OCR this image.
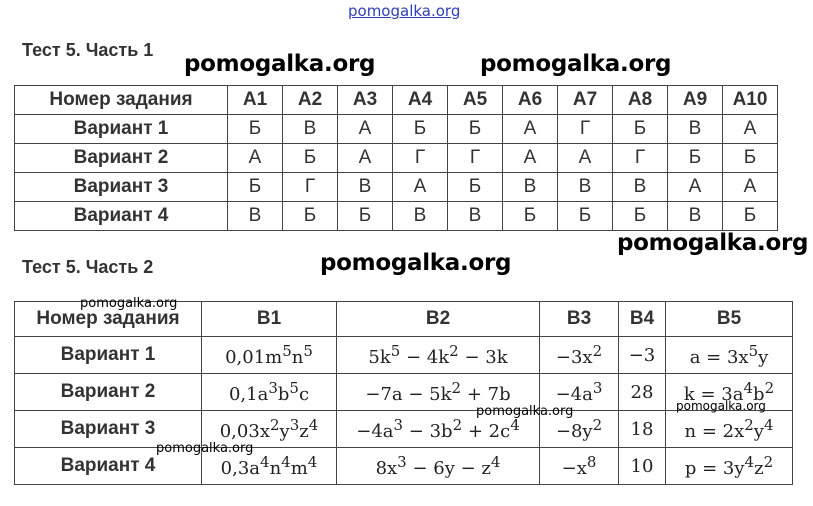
pomogalka.org
Тест 5. Часть 1
pomogalka.org	pomogalka.org
Номер задания	A1	A2	A3	A4	A5	A6	A7	A8	A9	A10
Вариант 1	Б	В	А	Б	Б	А	Г	Б	В	А
Вариант 2	А	Б	А	Г	Г	А	А	Г	Б	Б
Вариант 3	Б	Г	В	А	Б	В	В	В	А	А
Вариант 4	В	Б	Б	В	В	Б	Б	Б	В	Б
pomogalka.org
Тест 5. Часть 2	pomogalka.org
Номер задания	B1	B2	B3	B4	B5
Вариант 1	$0,01m^5n^5$	$5k^5 - 4k^2 - 3k$	$-3x^2$	−3	$a = 3x^5y$
Вариант 2	$0,1a^3b^5c$	$-7a - 5k^2 + 7b$	$-4a^3$	28	$k = 3a^4b^2$
Вариант 3	$0,03x^2y^3z^4$	$-4a^3 - 3b^2 + 2c^4$	$-8y^2$	18	$n = 2x^2y^4$
Вариант 4	$0,3a^4n^4m^4$	$8x^3 - 6y - z^4$	$-x^8$	10	$p = 3y^4z^2$
pomogalka.org
pomogalka.org	pomogalka.org
pomogalka.org
